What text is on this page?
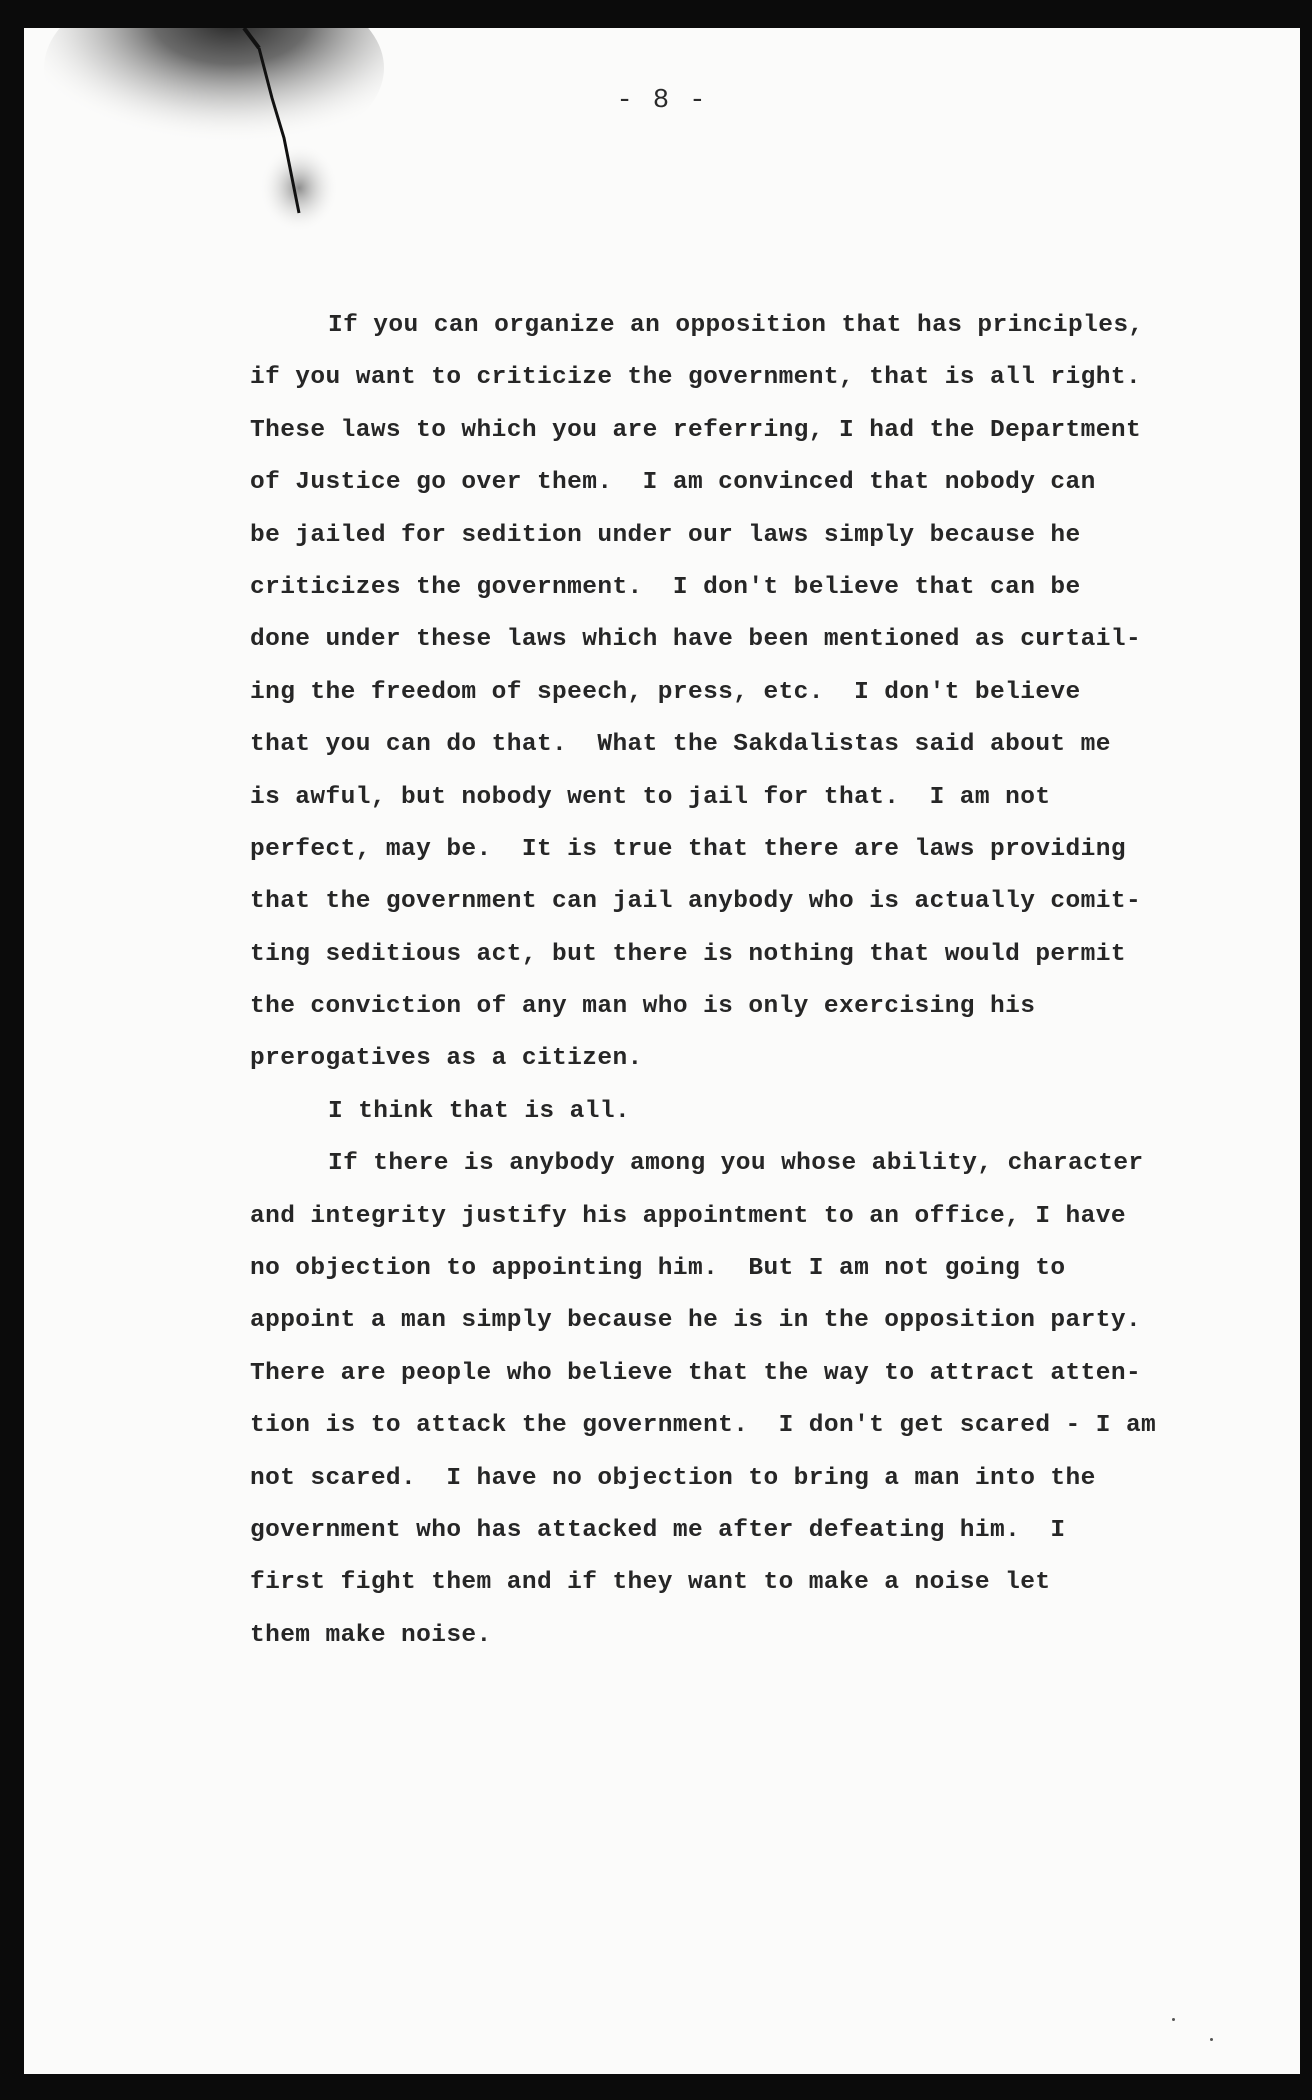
- 8 -
If you can organize an opposition that has principles,
if you want to criticize the government, that is all right.
These laws to which you are referring, I had the Department
of Justice go over them.  I am convinced that nobody can
be jailed for sedition under our laws simply because he
criticizes the government.  I don't believe that can be
done under these laws which have been mentioned as curtail-
ing the freedom of speech, press, etc.  I don't believe
that you can do that.  What the Sakdalistas said about me
is awful, but nobody went to jail for that.  I am not
perfect, may be.  It is true that there are laws providing
that the government can jail anybody who is actually comit-
ting seditious act, but there is nothing that would permit
the conviction of any man who is only exercising his
prerogatives as a citizen.
I think that is all.
If there is anybody among you whose ability, character
and integrity justify his appointment to an office, I have
no objection to appointing him.  But I am not going to
appoint a man simply because he is in the opposition party.
There are people who believe that the way to attract atten-
tion is to attack the government.  I don't get scared - I am
not scared.  I have no objection to bring a man into the
government who has attacked me after defeating him.  I
first fight them and if they want to make a noise let
them make noise.
